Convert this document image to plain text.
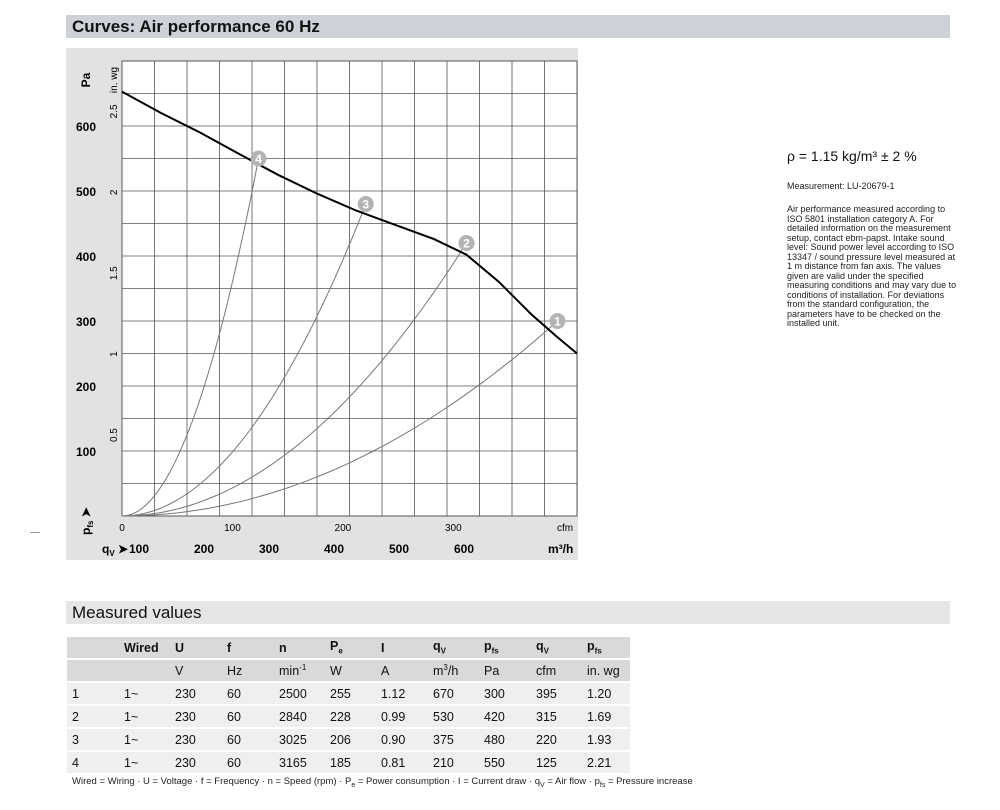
Curves: Air performance 60 Hz
1
2
3
4
100
200
300
400
500
600
0.5
1
1.5
2
2.5
0	100	200	300
100	200	300	400	500	600
Pa in. wg
$p_{fs}$ ➤
cfm
m³/h
$q_V$ ➤
ρ = 1.15 kg/m³ ± 2 %
Measurement: LU-20679-1
Air performance measured according to ISO 5801 installation category A. For detailed information on the measurement setup, contact ebm-papst. Intake sound level: Sound power level according to ISO 13347 / sound pressure level measured at 1 m distance from fan axis. The values given are valid under the specified measuring conditions and may vary due to conditions of installation. For deviations from the standard configuration, the parameters have to be checked on the installed unit.
Measured values
	Wired	U	f	n	$P_e$	I	$q_V$	$p_{fs}$	$q_V$	$p_{fs}$
		V	Hz	$\min^{-1}$	W	A	$m^3/h$	Pa	cfm	in. wg
1	1~	230	60	2500	255	1.12	670	300	395	1.20
2	1~	230	60	2840	228	0.99	530	420	315	1.69
3	1~	230	60	3025	206	0.90	375	480	220	1.93
4	1~	230	60	3165	185	0.81	210	550	125	2.21
Wired = Wiring · U = Voltage · f = Frequency · n = Speed $(rpm) \cdot P_e$ = Power consumption · I = Current draw · $q_V$ = Air flow · $p_{fs}$ = Pressure increase
